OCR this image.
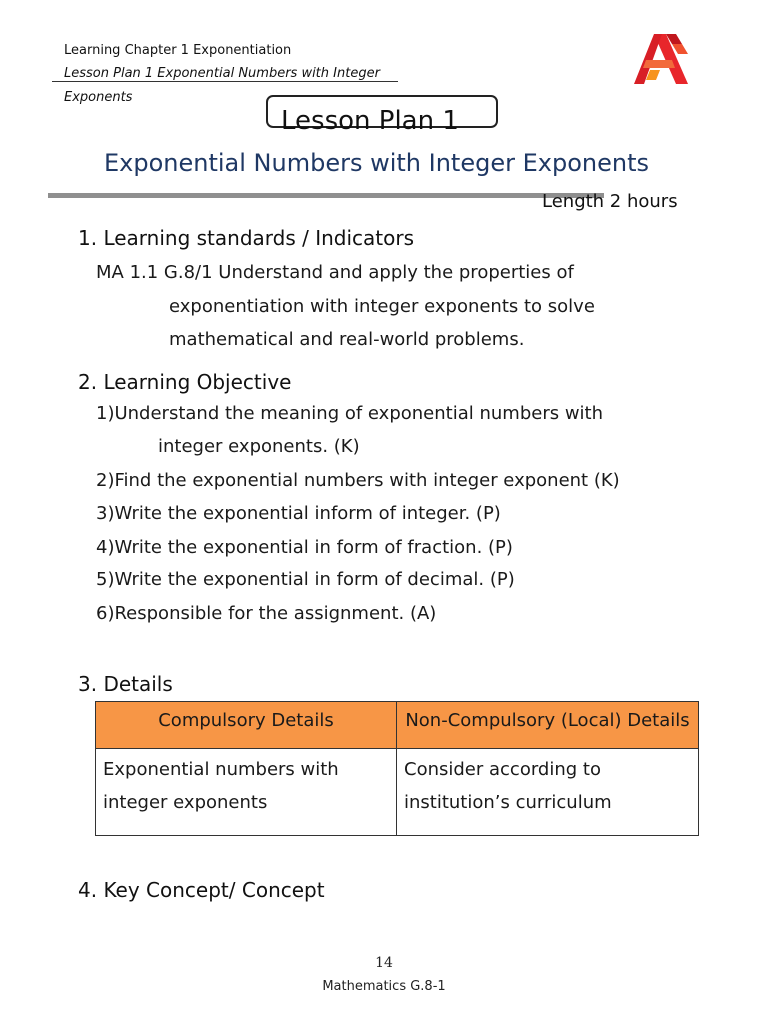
Learning Chapter 1 Exponentiation
Lesson Plan 1 Exponential Numbers with Integer
Exponents
Lesson Plan 1
Exponential Numbers with Integer Exponents
Length 2 hours
1. Learning standards / Indicators
MA 1.1 G.8/1 Understand and apply the properties of
exponentiation with integer exponents to solve
mathematical and real-world problems.
2. Learning Objective
1)Understand the meaning of exponential numbers with
integer exponents. (K)
2)Find the exponential numbers with integer exponent (K)
3)Write the exponential inform of integer. (P)
4)Write the exponential in form of fraction. (P)
5)Write the exponential in form of decimal. (P)
6)Responsible for the assignment. (A)
3. Details
Compulsory Details	Non-Compulsory (Local) Details
Exponential numbers with integer exponents	Consider according to institution’s curriculum
4. Key Concept/ Concept
14
Mathematics G.8-1
